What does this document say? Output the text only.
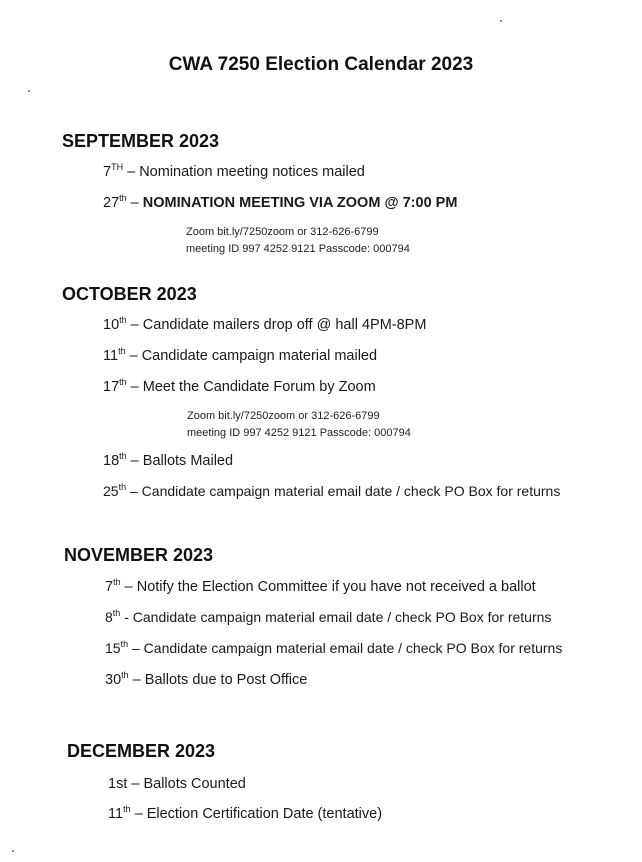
CWA 7250 Election Calendar 2023
SEPTEMBER 2023
7TH – Nomination meeting notices mailed
27th – NOMINATION MEETING VIA ZOOM @ 7:00 PM
Zoom bit.ly/7250zoom or 312-626-6799
meeting ID 997 4252 9121 Passcode: 000794
OCTOBER 2023
10th – Candidate mailers drop off @ hall 4PM-8PM
11th – Candidate campaign material mailed
17th – Meet the Candidate Forum by Zoom
Zoom bit.ly/7250zoom or 312-626-6799
meeting ID 997 4252 9121 Passcode: 000794
18th – Ballots Mailed
25th – Candidate campaign material email date / check PO Box for returns
NOVEMBER 2023
7th – Notify the Election Committee if you have not received a ballot
8th - Candidate campaign material email date / check PO Box for returns
15th – Candidate campaign material email date / check PO Box for returns
30th – Ballots due to Post Office
DECEMBER 2023
1st – Ballots Counted
11th – Election Certification Date (tentative)
